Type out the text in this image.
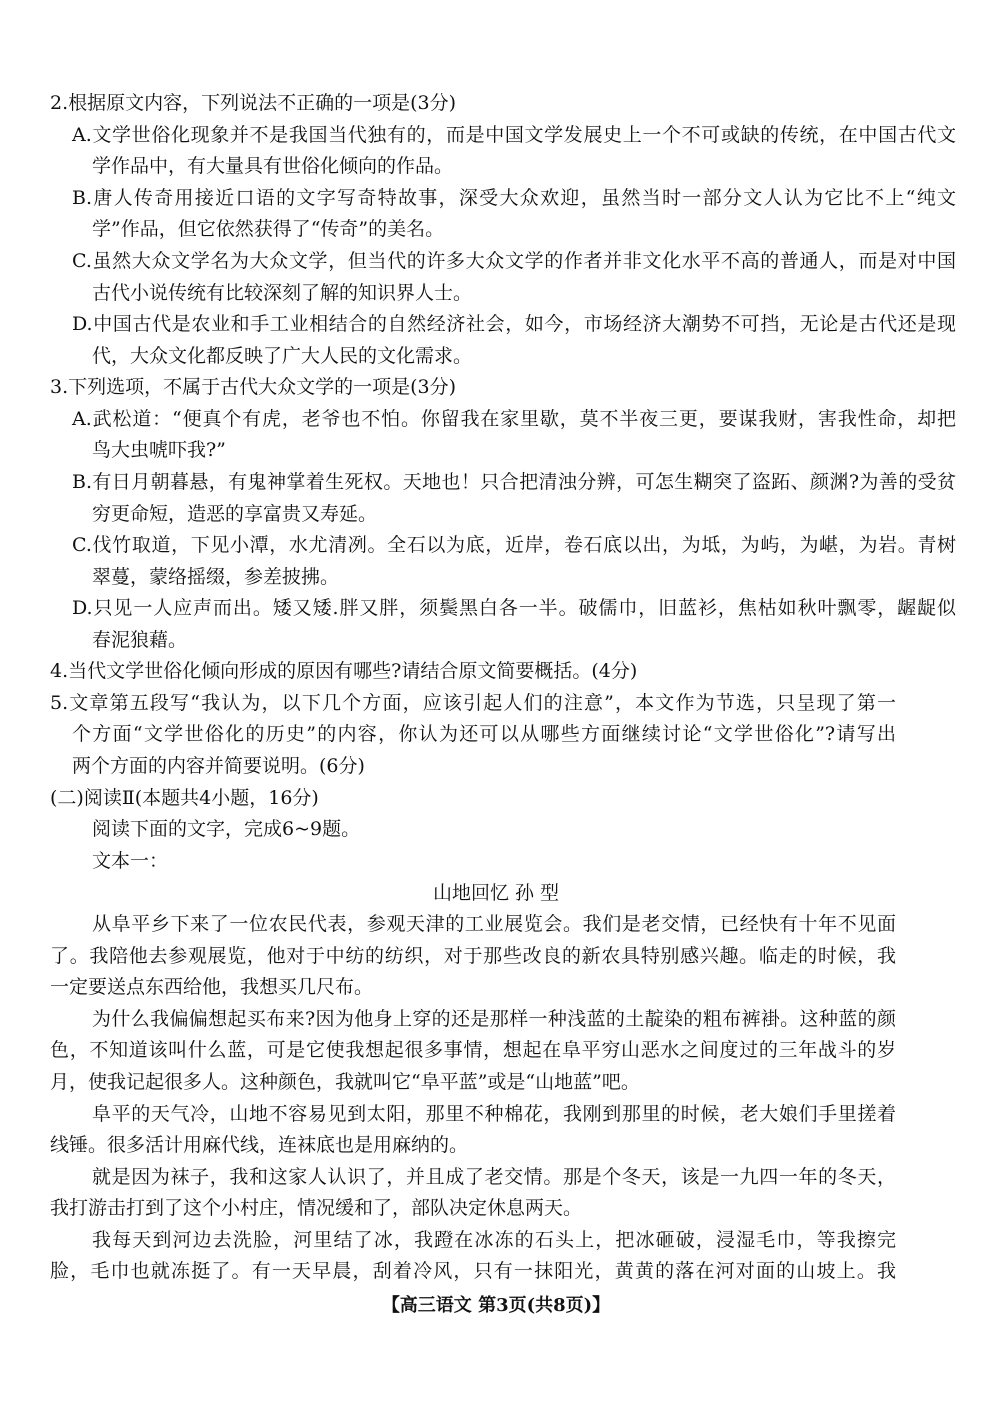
2.根据原文内容，下列说法不正确的一项是(3分)
A.文学世俗化现象并不是我国当代独有的，而是中国文学发展史上一个不可或缺的传统，在中国古代文
学作品中，有大量具有世俗化倾向的作品。
B.唐人传奇用接近口语的文字写奇特故事，深受大众欢迎，虽然当时一部分文人认为它比不上“纯文
学”作品，但它依然获得了“传奇”的美名。
C.虽然大众文学名为大众文学，但当代的许多大众文学的作者并非文化水平不高的普通人，而是对中国
古代小说传统有比较深刻了解的知识界人士。
D.中国古代是农业和手工业相结合的自然经济社会，如今，市场经济大潮势不可挡，无论是古代还是现
代，大众文化都反映了广大人民的文化需求。
3.下列选项，不属于古代大众文学的一项是(3分)
A.武松道：“便真个有虎，老爷也不怕。你留我在家里歇，莫不半夜三更，要谋我财，害我性命，却把
鸟大虫唬吓我?”
B.有日月朝暮悬，有鬼神掌着生死权。天地也！只合把清浊分辨，可怎生糊突了盗跖、颜渊?为善的受贫
穷更命短，造恶的享富贵又寿延。
C.伐竹取道，下见小潭，水尤清冽。全石以为底，近岸，卷石底以出，为坻，为屿，为嵁，为岩。青树
翠蔓，蒙络摇缀，参差披拂。
D.只见一人应声而出。矮又矮.胖又胖，须鬓黑白各一半。破儒巾，旧蓝衫，焦枯如秋叶飘零，龌龊似
春泥狼藉。
4.当代文学世俗化倾向形成的原因有哪些?请结合原文简要概括。(4分)
5.文章第五段写“我认为，以下几个方面，应该引起人们的注意”，本文作为节选，只呈现了第一
个方面“文学世俗化的历史”的内容，你认为还可以从哪些方面继续讨论“文学世俗化”?请写出
两个方面的内容并简要说明。(6分)
(二)阅读Ⅱ(本题共4小题，16分)
阅读下面的文字，完成6~9题。
文本一：
山地回忆 孙 型
从阜平乡下来了一位农民代表，参观天津的工业展览会。我们是老交情，已经快有十年不见面
了。我陪他去参观展览，他对于中纺的纺织，对于那些改良的新农具特别感兴趣。临走的时候，我
一定要送点东西给他，我想买几尺布。
为什么我偏偏想起买布来?因为他身上穿的还是那样一种浅蓝的土靛染的粗布裤褂。这种蓝的颜
色，不知道该叫什么蓝，可是它使我想起很多事情，想起在阜平穷山恶水之间度过的三年战斗的岁
月，使我记起很多人。这种颜色，我就叫它“阜平蓝”或是“山地蓝”吧。
阜平的天气冷，山地不容易见到太阳，那里不种棉花，我刚到那里的时候，老大娘们手里搓着
线锤。很多活计用麻代线，连袜底也是用麻纳的。
就是因为袜子，我和这家人认识了，并且成了老交情。那是个冬天，该是一九四一年的冬天，
我打游击打到了这个小村庄，情况缓和了，部队决定休息两天。
我每天到河边去洗脸，河里结了冰，我蹬在冰冻的石头上，把冰砸破，浸湿毛巾，等我擦完
脸，毛巾也就冻挺了。有一天早晨，刮着冷风，只有一抹阳光，黄黄的落在河对面的山坡上。我
【高三语文 第3页(共8页)】
